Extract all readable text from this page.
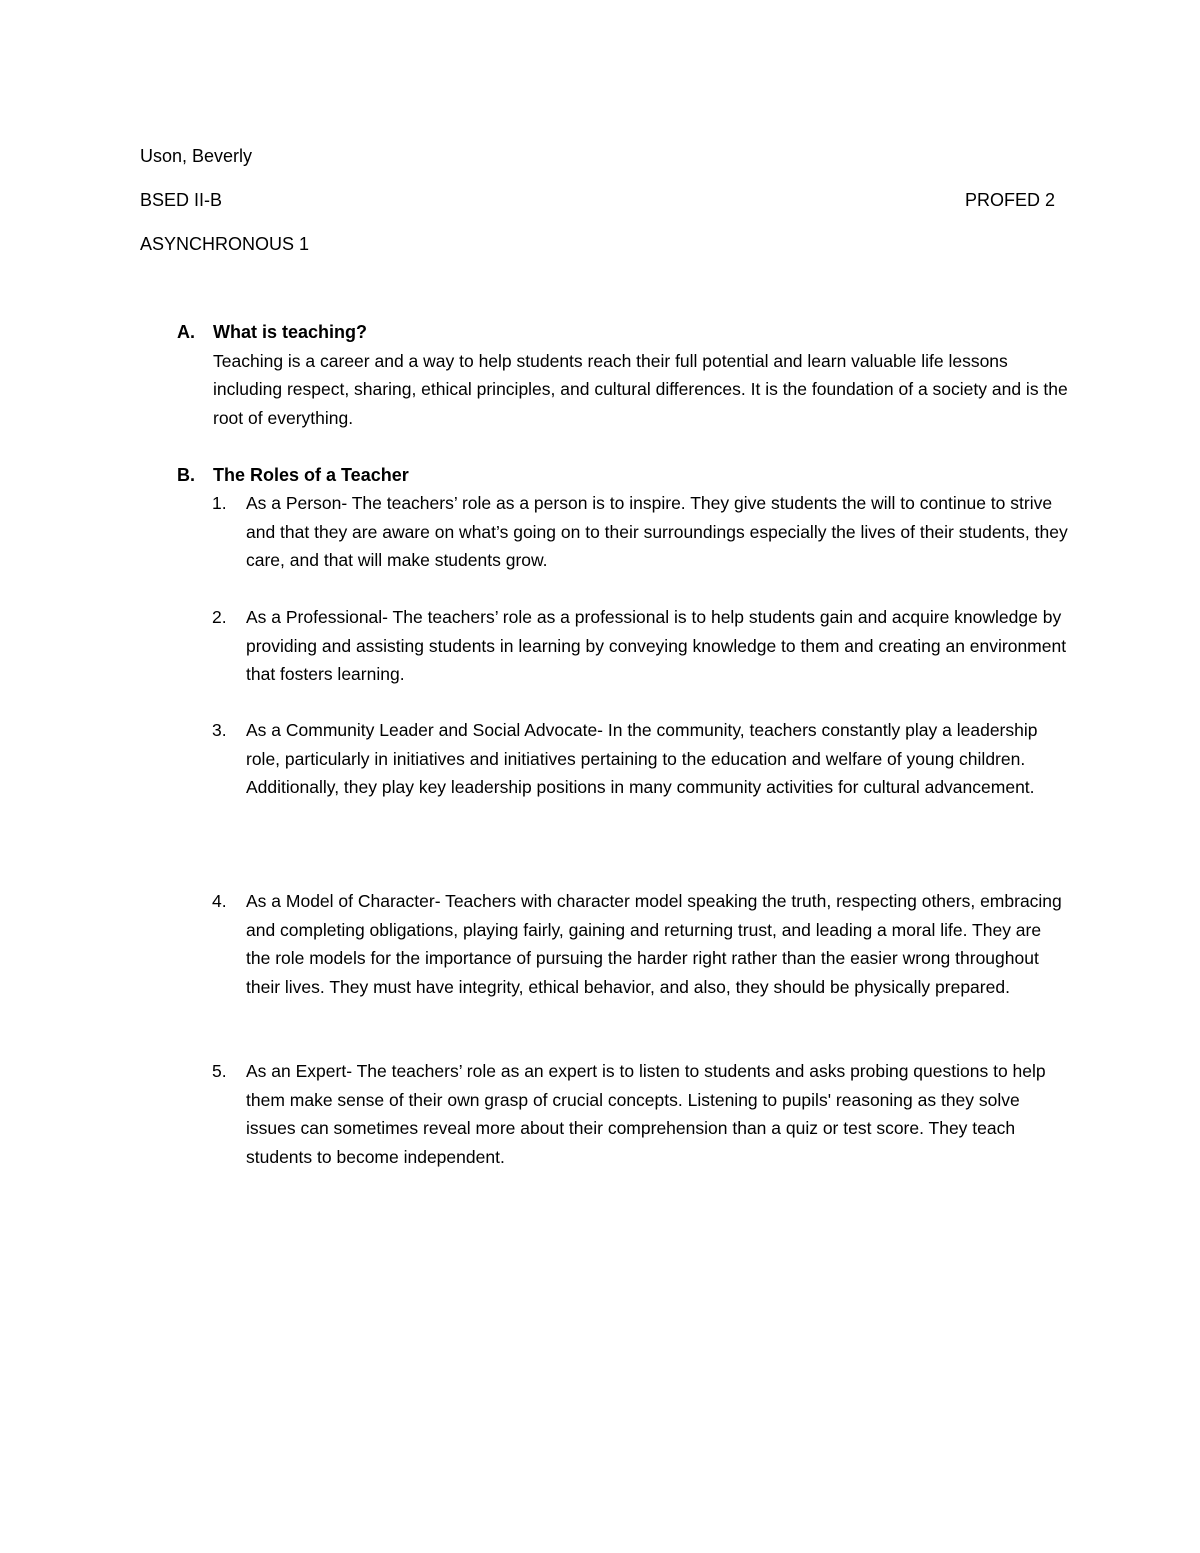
Uson, Beverly
BSED II-B	PROFED 2
ASYNCHRONOUS 1
A. What is teaching?
Teaching is a career and a way to help students reach their full potential and learn valuable life lessons including respect, sharing, ethical principles, and cultural differences. It is the foundation of a society and is the root of everything.
B. The Roles of a Teacher
1.	As a Person- The teachers’ role as a person is to inspire. They give students the will to continue to strive and that they are aware on what’s going on to their surroundings especially the lives of their students, they care, and that will make students grow.
2.	As a Professional- The teachers’ role as a professional is to help students gain and acquire knowledge by providing and assisting students in learning by conveying knowledge to them and creating an environment that fosters learning.
3.	As a Community Leader and Social Advocate- In the community, teachers constantly play a leadership role, particularly in initiatives and initiatives pertaining to the education and welfare of young children. Additionally, they play key leadership positions in many community activities for cultural advancement.
4.	As a Model of Character- Teachers with character model speaking the truth, respecting others, embracing and completing obligations, playing fairly, gaining and returning trust, and leading a moral life. They are the role models for the importance of pursuing the harder right rather than the easier wrong throughout their lives. They must have integrity, ethical behavior, and also, they should be physically prepared.
5.	As an Expert- The teachers’ role as an expert is to listen to students and asks probing questions to help them make sense of their own grasp of crucial concepts. Listening to pupils' reasoning as they solve issues can sometimes reveal more about their comprehension than a quiz or test score. They teach students to become independent.
